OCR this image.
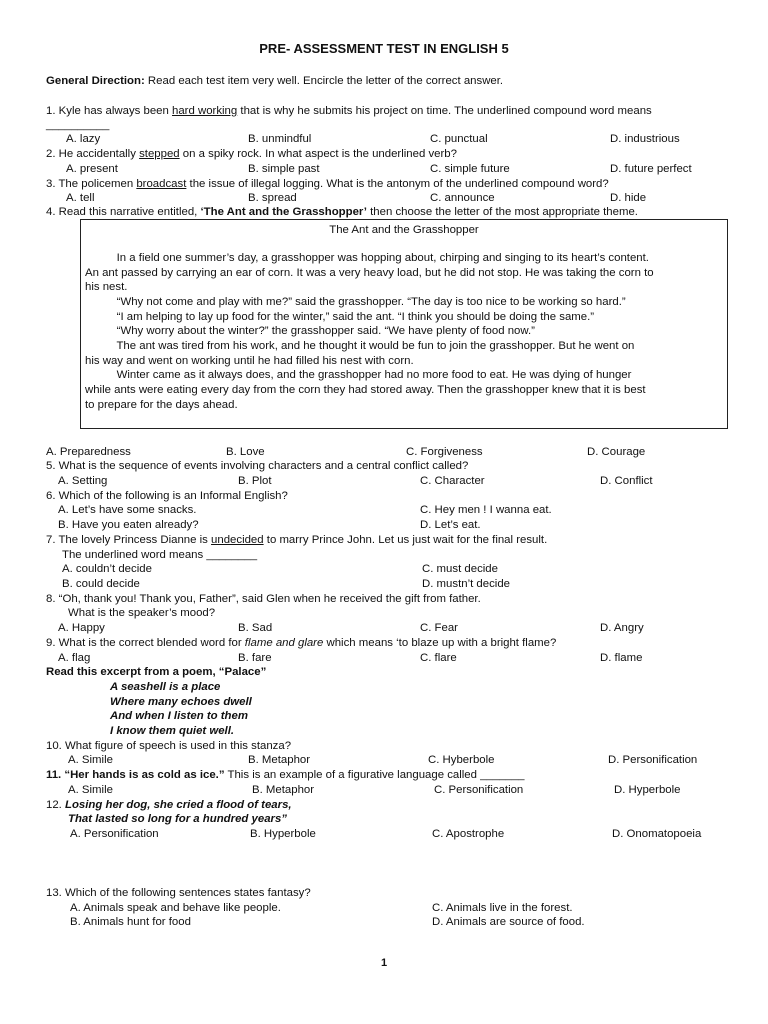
PRE- ASSESSMENT TEST IN ENGLISH 5
General Direction: Read each test item very well. Encircle the letter of the correct answer.
1. Kyle has always been hard working that is why he submits his project on time. The underlined compound word means
__________
A. lazy	B. unmindful	C. punctual	D. industrious
2. He accidentally stepped on a spiky rock. In what aspect is the underlined verb?
A. present	B. simple past	C. simple future	D. future perfect
3. The policemen broadcast the issue of illegal logging. What is the antonym of the underlined compound word?
A. tell	B. spread	C. announce	D. hide
4. Read this narrative entitled, ‘The Ant and the Grasshopper’ then choose the letter of the most appropriate theme.
The Ant and the Grasshopper
In a field one summer’s day, a grasshopper was hopping about, chirping and singing to its heart’s content.
An ant passed by carrying an ear of corn. It was a very heavy load, but he did not stop. He was taking the corn to
his nest.
“Why not come and play with me?” said the grasshopper. “The day is too nice to be working so hard.”
“I am helping to lay up food for the winter,” said the ant. “I think you should be doing the same.”
“Why worry about the winter?” the grasshopper said. “We have plenty of food now.”
The ant was tired from his work, and he thought it would be fun to join the grasshopper. But he went on
his way and went on working until he had filled his nest with corn.
Winter came as it always does, and the grasshopper had no more food to eat. He was dying of hunger
while ants were eating every day from the corn they had stored away. Then the grasshopper knew that it is best
to prepare for the days ahead.
A. Preparedness	B. Love	C. Forgiveness	D. Courage
5. What is the sequence of events involving characters and a central conflict called?
A. Setting	B. Plot	C. Character	D. Conflict
6. Which of the following is an Informal English?
A. Let’s have some snacks.	C. Hey men ! I wanna eat.
B. Have you eaten already?	D. Let’s eat.
7. The lovely Princess Dianne is undecided to marry Prince John. Let us just wait for the final result.
The underlined word means ________
A. couldn’t decide	C. must decide
B. could decide	D. mustn’t decide
8. “Oh, thank you! Thank you, Father”, said Glen when he received the gift from father.
What is the speaker’s mood?
A. Happy	B. Sad	C. Fear	D. Angry
9. What is the correct blended word for flame and glare which means ‘to blaze up with a bright flame?
A. flag	B. fare	C. flare	D. flame
Read this excerpt from a poem, “Palace”
A seashell is a place
Where many echoes dwell
And when I listen to them
I know them quiet well.
10. What figure of speech is used in this stanza?
A. Simile	B. Metaphor	C. Hyberbole	D. Personification
11. “Her hands is as cold as ice.” This is an example of a figurative language called _______
A. Simile	B. Metaphor	C. Personification	D. Hyperbole
12. Losing her dog, she cried a flood of tears,
That lasted so long for a hundred years”
A. Personification	B. Hyperbole	C. Apostrophe	D. Onomatopoeia
13. Which of the following sentences states fantasy?
A. Animals speak and behave like people.	C. Animals live in the forest.
B. Animals hunt for food	D. Animals are source of food.
1
